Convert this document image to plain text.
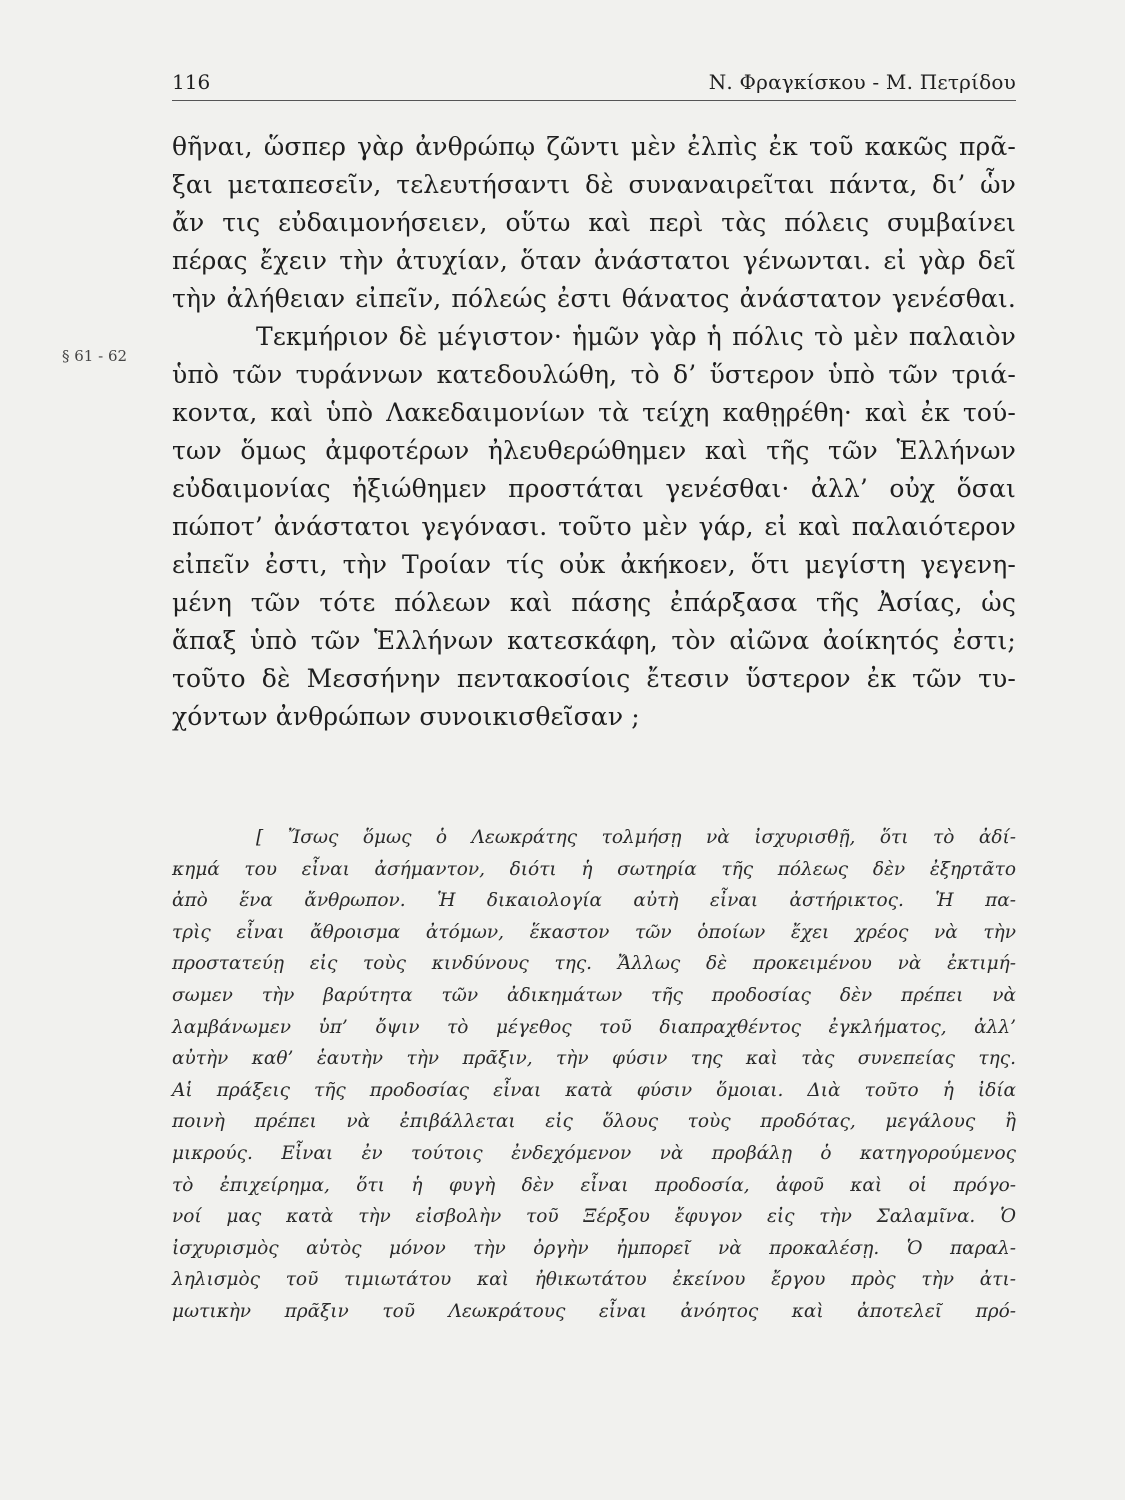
116	Ν. Φραγκίσκου - Μ. Πετρίδου
§ 61 - 62
θῆναι, ὥσπερ γὰρ ἀνθρώπῳ ζῶντι μὲν ἐλπὶς ἐκ τοῦ κακῶς πρᾶ-
ξαι μεταπεσεῖν, τελευτήσαντι δὲ συναναιρεῖται πάντα, δι’ ὧν
ἄν τις εὐδαιμονήσειεν, οὕτω καὶ περὶ τὰς πόλεις συμβαίνει
πέρας ἔχειν τὴν ἀτυχίαν, ὅταν ἀνάστατοι γένωνται. εἰ γὰρ δεῖ
τὴν ἀλήθειαν εἰπεῖν, πόλεώς ἐστι θάνατος ἀνάστατον γενέσθαι.
Τεκμήριον δὲ μέγιστον· ἡμῶν γὰρ ἡ πόλις τὸ μὲν παλαιὸν
ὑπὸ τῶν τυράννων κατεδουλώθη, τὸ δ’ ὕστερον ὑπὸ τῶν τριά-
κοντα, καὶ ὑπὸ Λακεδαιμονίων τὰ τείχη καθῃρέθη· καὶ ἐκ τού-
των ὅμως ἀμφοτέρων ἠλευθερώθημεν καὶ τῆς τῶν Ἑλλήνων
εὐδαιμονίας ἠξιώθημεν προστάται γενέσθαι· ἀλλ’ οὐχ ὅσαι
πώποτ’ ἀνάστατοι γεγόνασι. τοῦτο μὲν γάρ, εἰ καὶ παλαιότερον
εἰπεῖν ἐστι, τὴν Τροίαν τίς οὐκ ἀκήκοεν, ὅτι μεγίστη γεγενη-
μένη τῶν τότε πόλεων καὶ πάσης ἐπάρξασα τῆς Ἀσίας, ὡς
ἅπαξ ὑπὸ τῶν Ἑλλήνων κατεσκάφη, τὸν αἰῶνα ἀοίκητός ἐστι;
τοῦτο δὲ Μεσσήνην πεντακοσίοις ἔτεσιν ὕστερον ἐκ τῶν τυ-
χόντων ἀνθρώπων συνοικισθεῖσαν ;
[ Ἴσως ὅμως ὁ Λεωκράτης τολμήσῃ νὰ ἰσχυρισθῇ, ὅτι τὸ ἀδί-
κημά του εἶναι ἀσήμαντον, διότι ἡ σωτηρία τῆς πόλεως δὲν ἐξηρτᾶτο
ἀπὸ ἕνα ἄνθρωπον. Ἡ δικαιολογία αὐτὴ εἶναι ἀστήρικτος. Ἡ πα-
τρὶς εἶναι ἄθροισμα ἀτόμων, ἕκαστον τῶν ὁποίων ἔχει χρέος νὰ τὴν
προστατεύῃ εἰς τοὺς κινδύνους της. Ἄλλως δὲ προκειμένου νὰ ἐκτιμή-
σωμεν τὴν βαρύτητα τῶν ἀδικημάτων τῆς προδοσίας δὲν πρέπει νὰ
λαμβάνωμεν ὑπ’ ὄψιν τὸ μέγεθος τοῦ διαπραχθέντος ἐγκλήματος, ἀλλ’
αὐτὴν καθ’ ἑαυτὴν τὴν πρᾶξιν, τὴν φύσιν της καὶ τὰς συνεπείας της.
Αἱ πράξεις τῆς προδοσίας εἶναι κατὰ φύσιν ὅμοιαι. Διὰ τοῦτο ἡ ἰδία
ποινὴ πρέπει νὰ ἐπιβάλλεται εἰς ὅλους τοὺς προδότας, μεγάλους ἢ
μικρούς. Εἶναι ἐν τούτοις ἐνδεχόμενον νὰ προβάλῃ ὁ κατηγορούμενος
τὸ ἐπιχείρημα, ὅτι ἡ φυγὴ δὲν εἶναι προδοσία, ἀφοῦ καὶ οἱ πρόγο-
νοί μας κατὰ τὴν εἰσβολὴν τοῦ Ξέρξου ἔφυγον εἰς τὴν Σαλαμῖνα. Ὁ
ἰσχυρισμὸς αὐτὸς μόνον τὴν ὀργὴν ἠμπορεῖ νὰ προκαλέσῃ. Ὁ παραλ-
ληλισμὸς τοῦ τιμιωτάτου καὶ ἠθικωτάτου ἐκείνου ἔργου πρὸς τὴν ἀτι-
μωτικὴν πρᾶξιν τοῦ Λεωκράτους εἶναι ἀνόητος καὶ ἀποτελεῖ πρό-
